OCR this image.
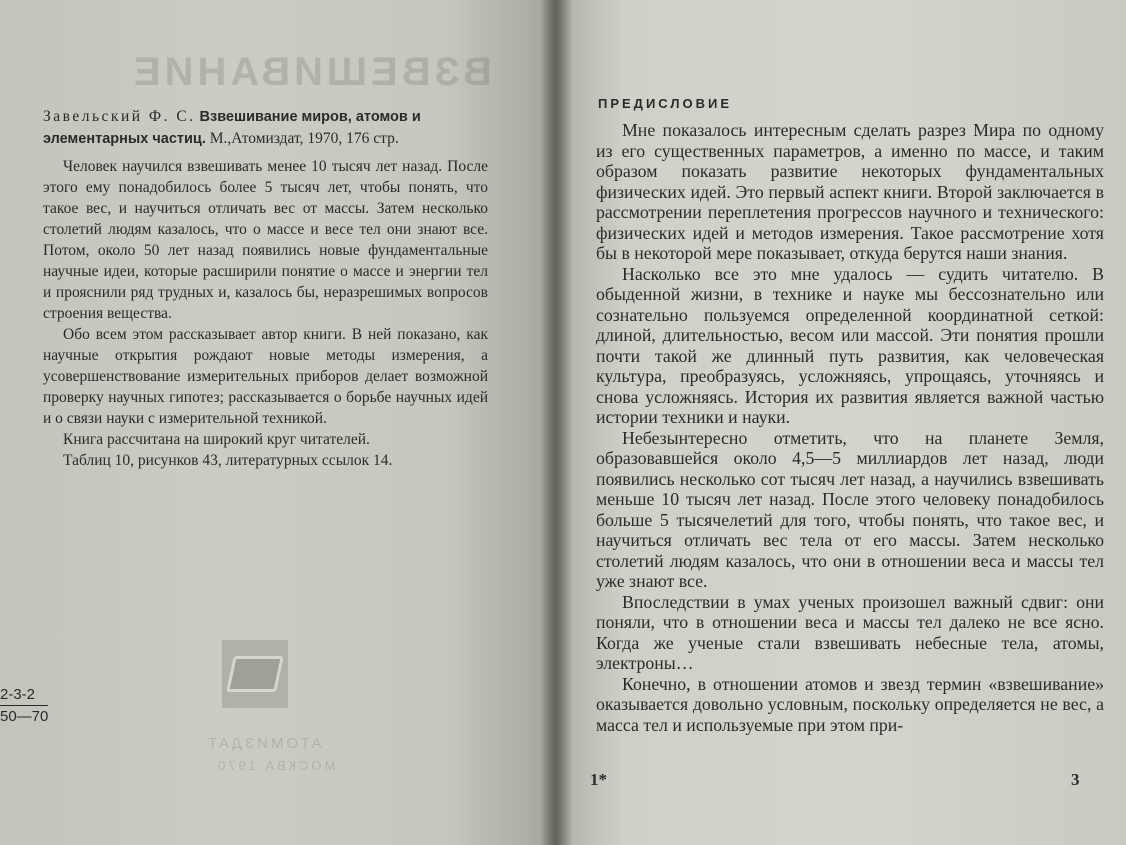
ВЗВЕШИВАНИЕ
АТОМИЗДАТ
МОСКВА 1970
Завельский Ф. С. Взвешивание миров, атомов и элементарных частиц. М.,Атомиздат, 1970, 176 стр.

Человек научился взвешивать менее 10 тысяч лет назад. После этого ему понадобилось более 5 тысяч лет, чтобы понять, что такое вес, и научиться отличать вес от массы. Затем несколько столетий людям казалось, что о массе и весе тел они знают все. Потом, около 50 лет назад появились новые фундаментальные научные идеи, которые расширили понятие о массе и энергии тел и прояснили ряд трудных и, казалось бы, неразрешимых вопросов строения вещества.

Обо всем этом рассказывает автор книги. В ней показано, как научные открытия рождают новые методы измерения, а усовершенствование измерительных приборов делает возможной проверку научных гипотез; рассказывается о борьбе научных идей и о связи науки с измерительной техникой.

Книга рассчитана на широкий круг читателей.

Таблиц 10, рисунков 43, литературных ссылок 14.

2-3-2
50—70
ПРЕДИСЛОВИЕ

Мне показалось интересным сделать разрез Мира по одному из его существенных параметров, а именно по массе, и таким образом показать развитие некоторых фундаментальных физических идей. Это первый аспект книги. Второй заключается в рассмотрении переплетения прогрессов научного и технического: физических идей и методов измерения. Такое рассмотрение хотя бы в некоторой мере показывает, откуда берутся наши знания.

Насколько все это мне удалось — судить читателю. В обыденной жизни, в технике и науке мы бессознательно или сознательно пользуемся определенной координатной сеткой: длиной, длительностью, весом или массой. Эти понятия прошли почти такой же длинный путь развития, как человеческая культура, преобразуясь, усложняясь, упрощаясь, уточняясь и снова усложняясь. История их развития является важной частью истории техники и науки.

Небезынтересно отметить, что на планете Земля, образовавшейся около 4,5—5 миллиардов лет назад, люди появились несколько сот тысяч лет назад, а научились взвешивать меньше 10 тысяч лет назад. После этого человеку понадобилось больше 5 тысячелетий для того, чтобы понять, что такое вес, и научиться отличать вес тела от его массы. Затем несколько столетий людям казалось, что они в отношении веса и массы тел уже знают все.

Впоследствии в умах ученых произошел важный сдвиг: они поняли, что в отношении веса и массы тел далеко не все ясно. Когда же ученые стали взвешивать небесные тела, атомы, электроны…

Конечно, в отношении атомов и звезд термин «взвешивание» оказывается довольно условным, поскольку определяется не вес, а масса тел и используемые при этом при-

1*	3
